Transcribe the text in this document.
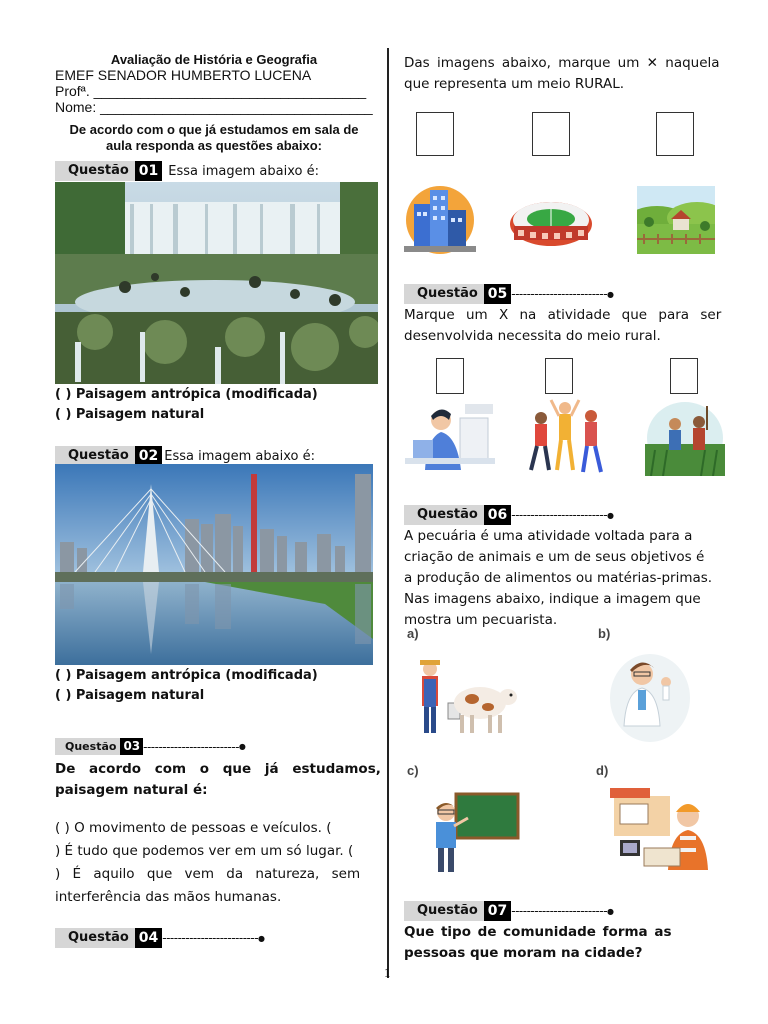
Avaliação de História e Geografia
EMEF SENADOR HUMBERTO LUCENA
Profª. ___________________________________
Nome: ___________________________________
De acordo com o que já estudamos em sala de
aula responda as questões abaixo:
Questão 01 Essa imagem abaixo é:
( ) Paisagem antrópica (modificada)
( ) Paisagem natural
Questão 02 Essa imagem abaixo é:
( ) Paisagem antrópica (modificada)
( ) Paisagem natural
Questão 03 ------------------------- ●
De acordo com o que já estudamos,
paisagem natural é:
( ) O movimento de pessoas e veículos. (
) É tudo que podemos ver em um só lugar. (
) É aquilo que vem da natureza, sem
interferência das mãos humanas.
Questão 04 ------------------------- ●
Das imagens abaixo, marque um ✕ naquela
que representa um meio RURAL.
Questão 05 ------------------------- ●
Marque um X na atividade que para ser
desenvolvida necessita do meio rural.
Questão 06 ------------------------- ●
A pecuária é uma atividade voltada para a
criação de animais e um de seus objetivos é
a produção de alimentos ou matérias-primas.
Nas imagens abaixo, indique a imagem que
mostra um pecuarista.
a)	b)
c)	d)
Questão 07 ------------------------- ●
Que tipo de comunidade forma as
pessoas que moram na cidade?
1
